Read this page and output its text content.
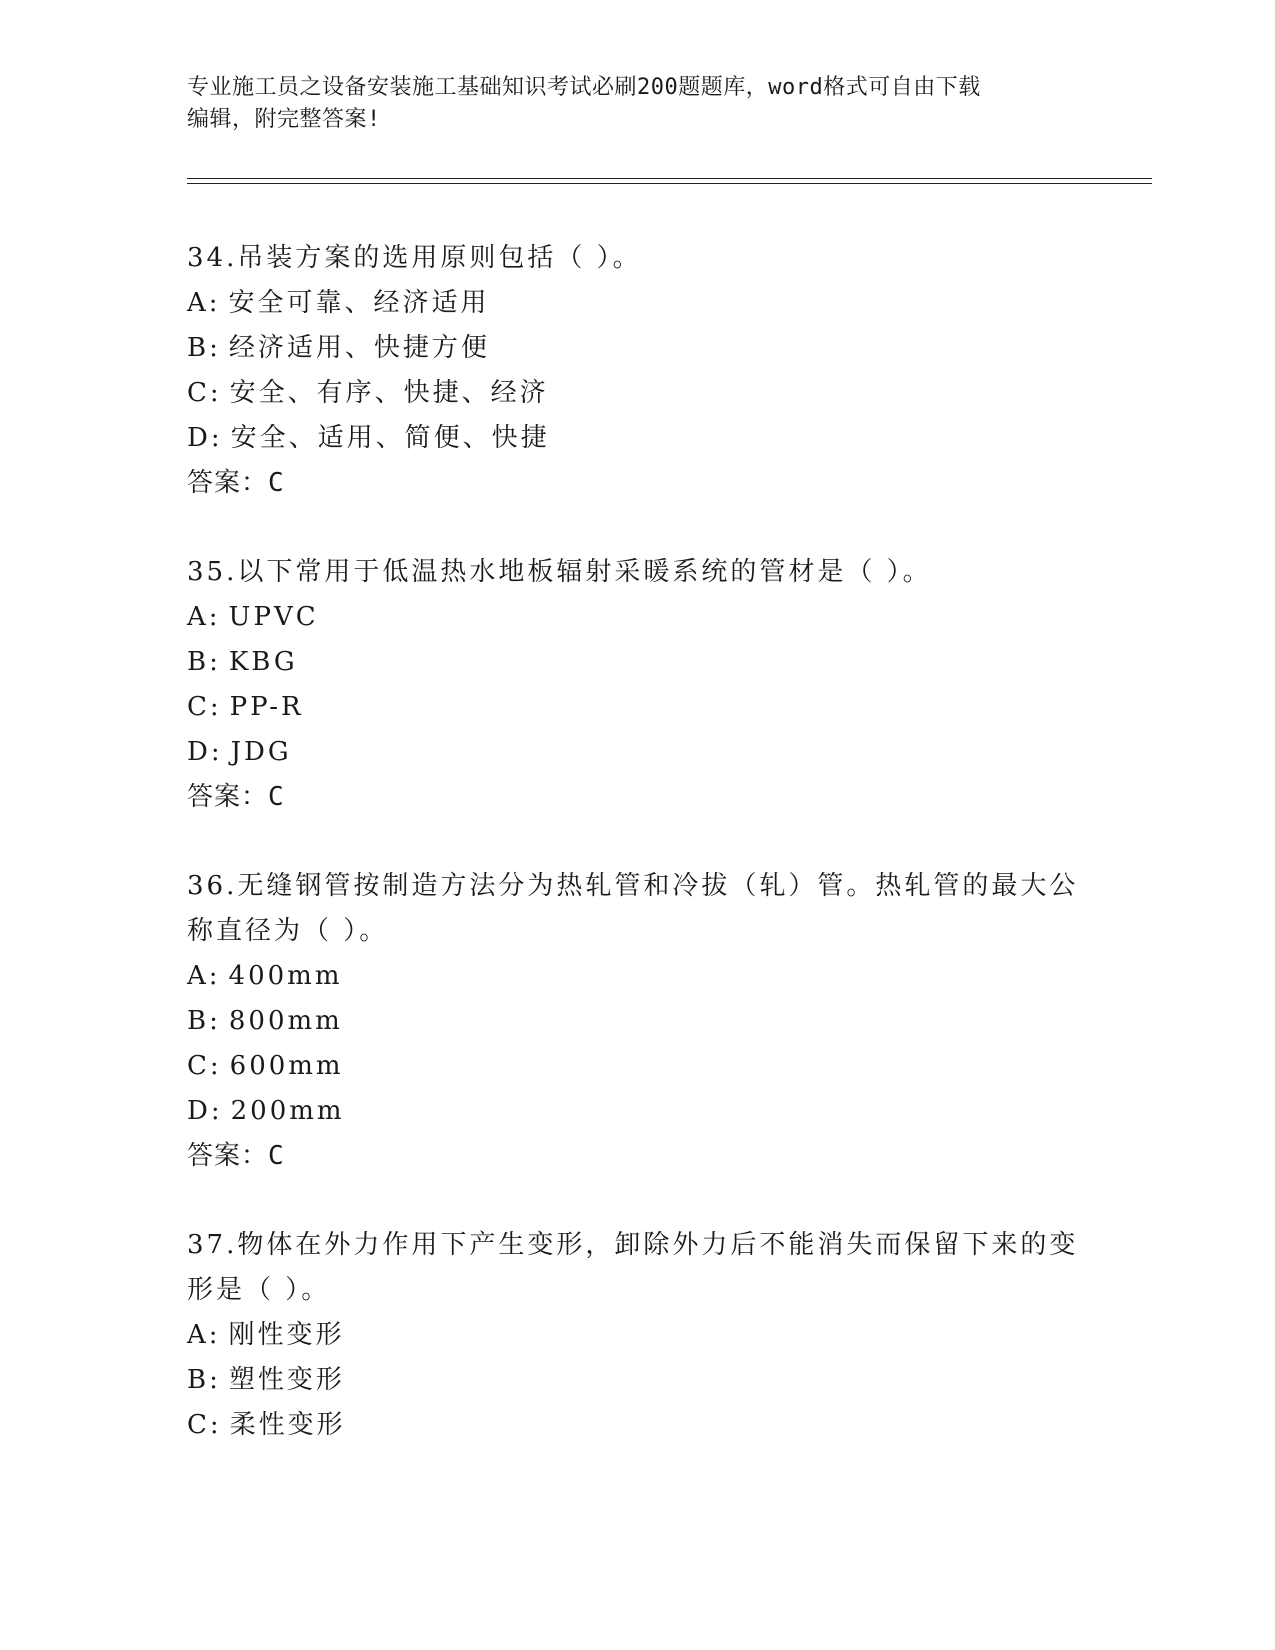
专业施工员之设备安装施工基础知识考试必刷200题题库，word格式可自由下载
编辑，附完整答案!
34.吊装方案的选用原则包括（ ）。
A: 安全可靠、经济适用
B: 经济适用、快捷方便
C: 安全、有序、快捷、经济
D: 安全、适用、简便、快捷
答案：C
35.以下常用于低温热水地板辐射采暖系统的管材是（ ）。
A: UPVC
B: KBG
C: PP-R
D: JDG
答案：C
36.无缝钢管按制造方法分为热轧管和冷拔（轧）管。热轧管的最大公称直径为（ ）。
A: 400mm
B: 800mm
C: 600mm
D: 200mm
答案：C
37.物体在外力作用下产生变形，卸除外力后不能消失而保留下来的变形是（ ）。
A: 刚性变形
B: 塑性变形
C: 柔性变形
